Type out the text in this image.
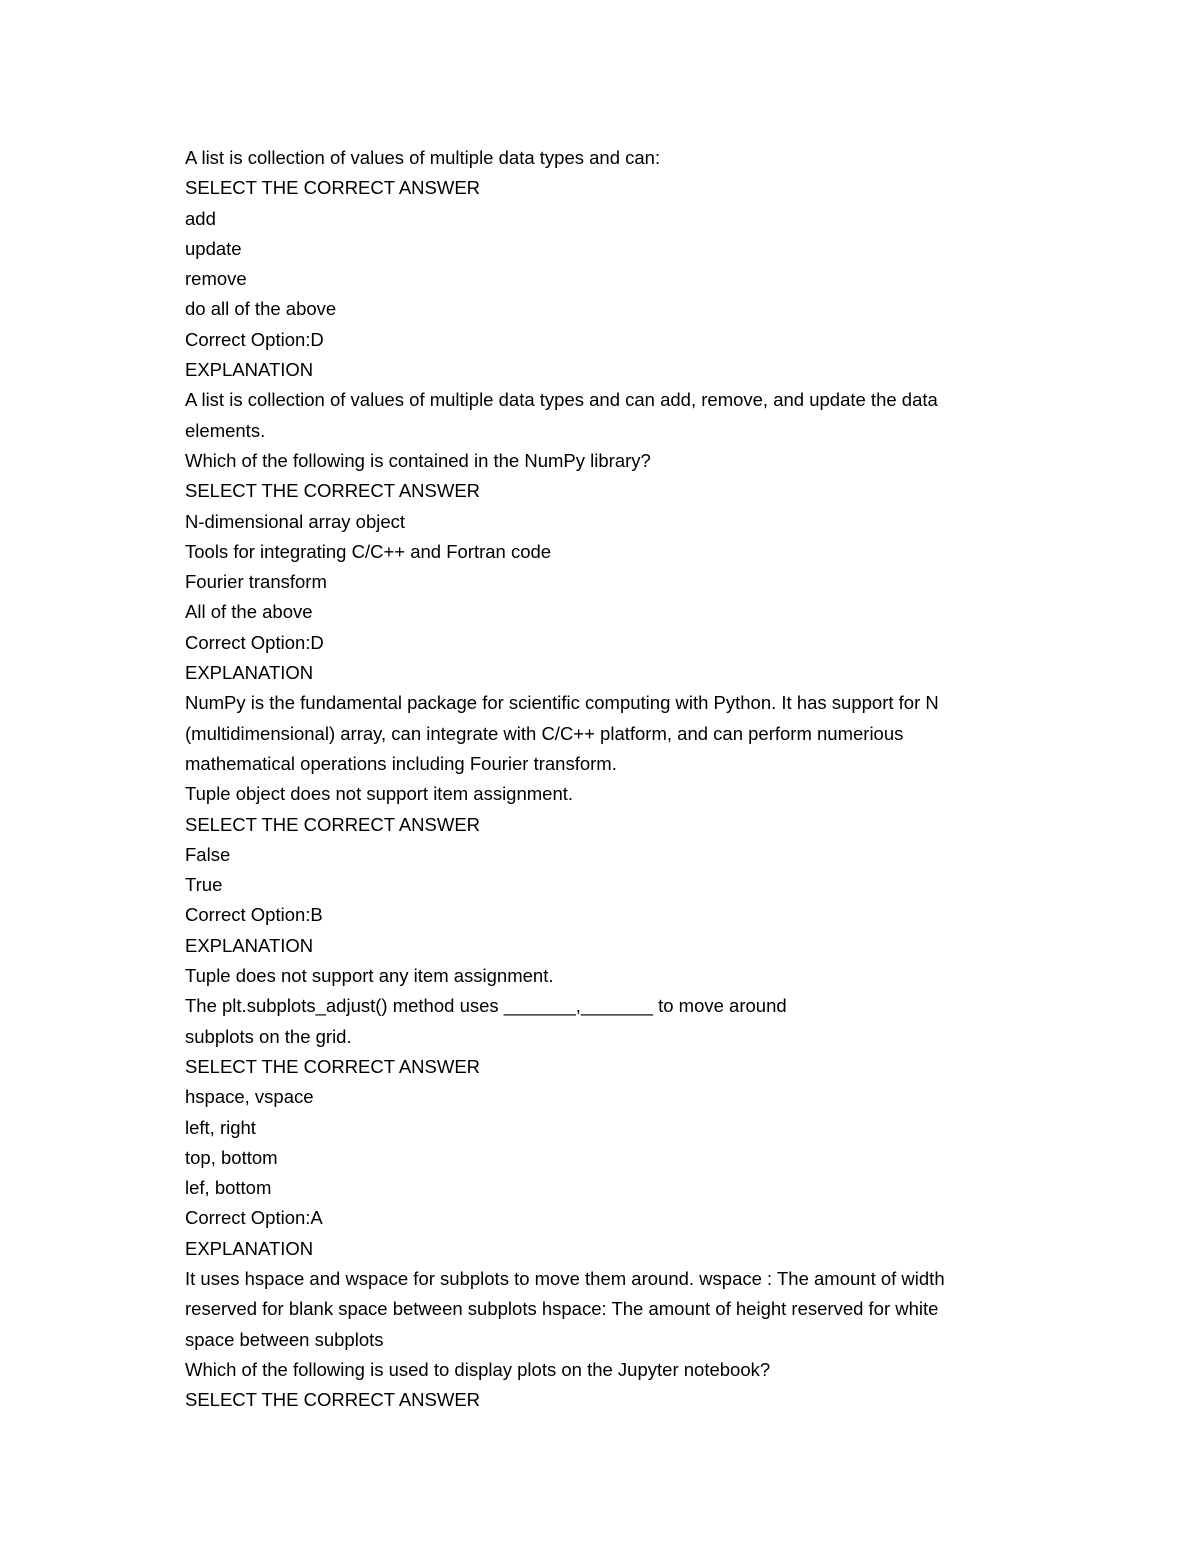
A list is collection of values of multiple data types and can:
SELECT THE CORRECT ANSWER
add
update
remove
do all of the above
Correct Option:D
EXPLANATION
A list is collection of values of multiple data types and can add, remove, and update the data
elements.
Which of the following is contained in the NumPy library?
SELECT THE CORRECT ANSWER
N-dimensional array object
Tools for integrating C/C++ and Fortran code
Fourier transform
All of the above
Correct Option:D
EXPLANATION
NumPy is the fundamental package for scientific computing with Python. It has support for N
(multidimensional) array, can integrate with C/C++ platform, and can perform numerious
mathematical operations including Fourier transform.
Tuple object does not support item assignment.
SELECT THE CORRECT ANSWER
False
True
Correct Option:B
EXPLANATION
Tuple does not support any item assignment.
The plt.subplots_adjust() method uses _______,_______ to move around
subplots on the grid.
SELECT THE CORRECT ANSWER
hspace, vspace
left, right
top, bottom
lef, bottom
Correct Option:A
EXPLANATION
It uses hspace and wspace for subplots to move them around. wspace : The amount of width
reserved for blank space between subplots hspace: The amount of height reserved for white
space between subplots
Which of the following is used to display plots on the Jupyter notebook?
SELECT THE CORRECT ANSWER
